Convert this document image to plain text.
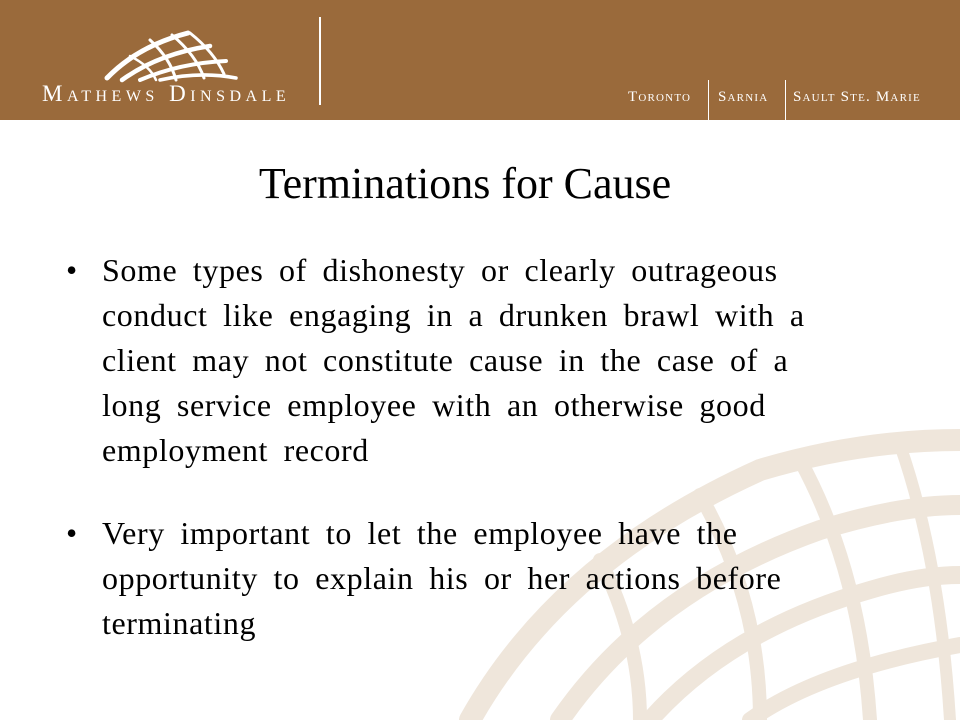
Mathews Dinsdale	Toronto Sarnia Sault Ste. Marie
Terminations for Cause
• Some types of dishonesty or clearly outrageous
conduct like engaging in a drunken brawl with a
client may not constitute cause in the case of a
long service employee with an otherwise good
employment record
• Very important to let the employee have the
opportunity to explain his or her actions before
terminating
